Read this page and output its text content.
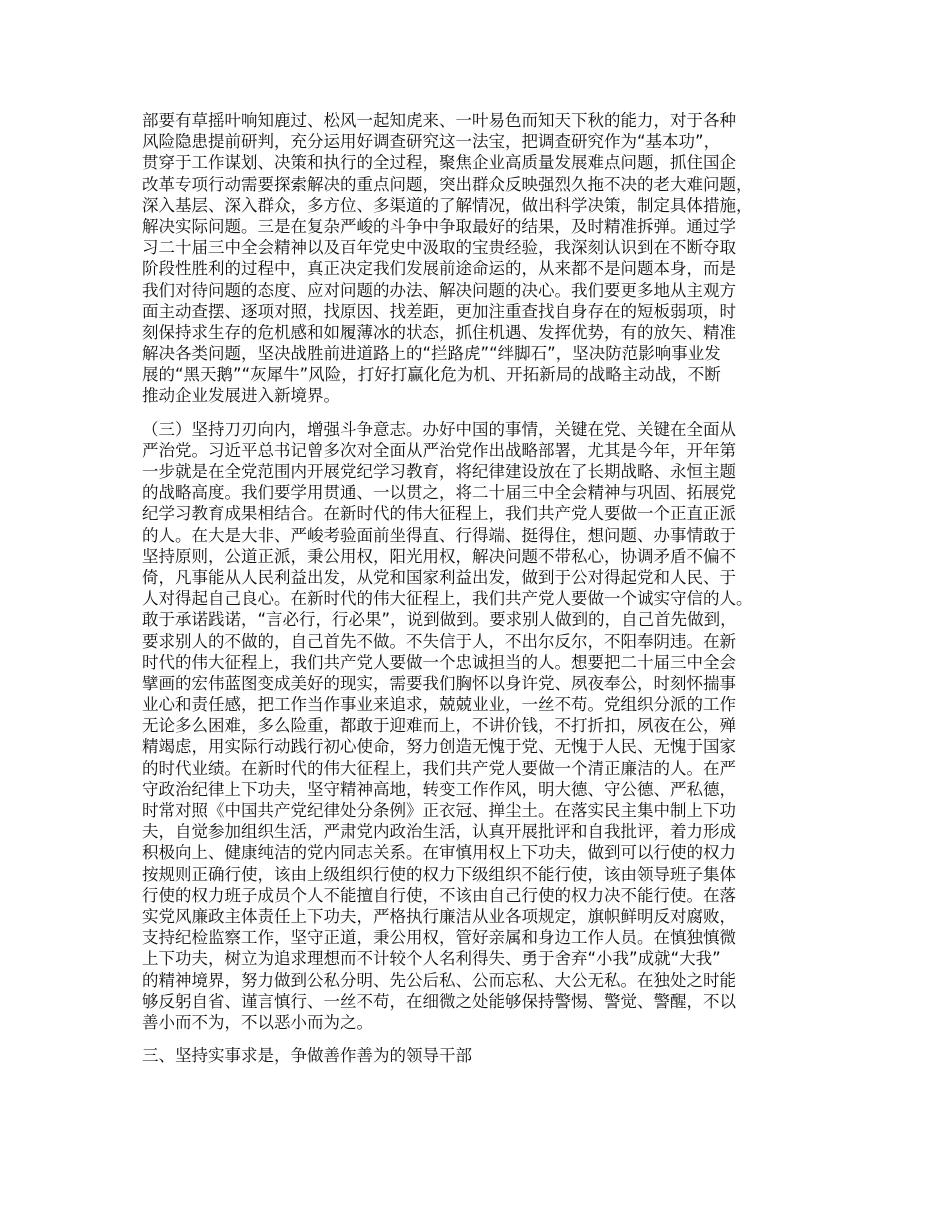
部要有草摇叶响知鹿过、松风一起知虎来、一叶易色而知天下秋的能力，对于各种
风险隐患提前研判，充分运用好调查研究这一法宝，把调查研究作为“基本功”，
贯穿于工作谋划、决策和执行的全过程，聚焦企业高质量发展难点问题，抓住国企
改革专项行动需要探索解决的重点问题，突出群众反映强烈久拖不决的老大难问题，
深入基层、深入群众，多方位、多渠道的了解情况，做出科学决策，制定具体措施，
解决实际问题。三是在复杂严峻的斗争中争取最好的结果，及时精准拆弹。通过学
习二十届三中全会精神以及百年党史中汲取的宝贵经验，我深刻认识到在不断夺取
阶段性胜利的过程中，真正决定我们发展前途命运的，从来都不是问题本身，而是
我们对待问题的态度、应对问题的办法、解决问题的决心。我们要更多地从主观方
面主动查摆、逐项对照，找原因、找差距，更加注重查找自身存在的短板弱项，时
刻保持求生存的危机感和如履薄冰的状态，抓住机遇、发挥优势，有的放矢、精准
解决各类问题，坚决战胜前进道路上的“拦路虎”“绊脚石”，坚决防范影响事业发
展的“黑天鹅”“灰犀牛”风险，打好打赢化危为机、开拓新局的战略主动战，不断
推动企业发展进入新境界。
（三）坚持刀刃向内，增强斗争意志。办好中国的事情，关键在党、关键在全面从
严治党。习近平总书记曾多次对全面从严治党作出战略部署，尤其是今年，开年第
一步就是在全党范围内开展党纪学习教育，将纪律建设放在了长期战略、永恒主题
的战略高度。我们要学用贯通、一以贯之，将二十届三中全会精神与巩固、拓展党
纪学习教育成果相结合。在新时代的伟大征程上，我们共产党人要做一个正直正派
的人。在大是大非、严峻考验面前坐得直、行得端、挺得住，想问题、办事情敢于
坚持原则，公道正派，秉公用权，阳光用权，解决问题不带私心，协调矛盾不偏不
倚，凡事能从人民利益出发，从党和国家利益出发，做到于公对得起党和人民、于
人对得起自己良心。在新时代的伟大征程上，我们共产党人要做一个诚实守信的人。
敢于承诺践诺，“言必行，行必果”，说到做到。要求别人做到的，自己首先做到，
要求别人的不做的，自己首先不做。不失信于人，不出尔反尔，不阳奉阴违。在新
时代的伟大征程上，我们共产党人要做一个忠诚担当的人。想要把二十届三中全会
擘画的宏伟蓝图变成美好的现实，需要我们胸怀以身许党、夙夜奉公，时刻怀揣事
业心和责任感，把工作当作事业来追求，兢兢业业，一丝不苟。党组织分派的工作
无论多么困难，多么险重，都敢于迎难而上，不讲价钱，不打折扣，夙夜在公，殚
精竭虑，用实际行动践行初心使命，努力创造无愧于党、无愧于人民、无愧于国家
的时代业绩。在新时代的伟大征程上，我们共产党人要做一个清正廉洁的人。在严
守政治纪律上下功夫，坚守精神高地，转变工作作风，明大德、守公德、严私德，
时常对照《中国共产党纪律处分条例》正衣冠、掸尘土。在落实民主集中制上下功
夫，自觉参加组织生活，严肃党内政治生活，认真开展批评和自我批评，着力形成
积极向上、健康纯洁的党内同志关系。在审慎用权上下功夫，做到可以行使的权力
按规则正确行使，该由上级组织行使的权力下级组织不能行使，该由领导班子集体
行使的权力班子成员个人不能擅自行使，不该由自己行使的权力决不能行使。在落
实党风廉政主体责任上下功夫，严格执行廉洁从业各项规定，旗帜鲜明反对腐败，
支持纪检监察工作，坚守正道，秉公用权，管好亲属和身边工作人员。在慎独慎微
上下功夫，树立为追求理想而不计较个人名利得失、勇于舍弃“小我”成就“大我”
的精神境界，努力做到公私分明、先公后私、公而忘私、大公无私。在独处之时能
够反躬自省、谨言慎行、一丝不苟，在细微之处能够保持警惕、警觉、警醒，不以
善小而不为，不以恶小而为之。
三、坚持实事求是，争做善作善为的领导干部
